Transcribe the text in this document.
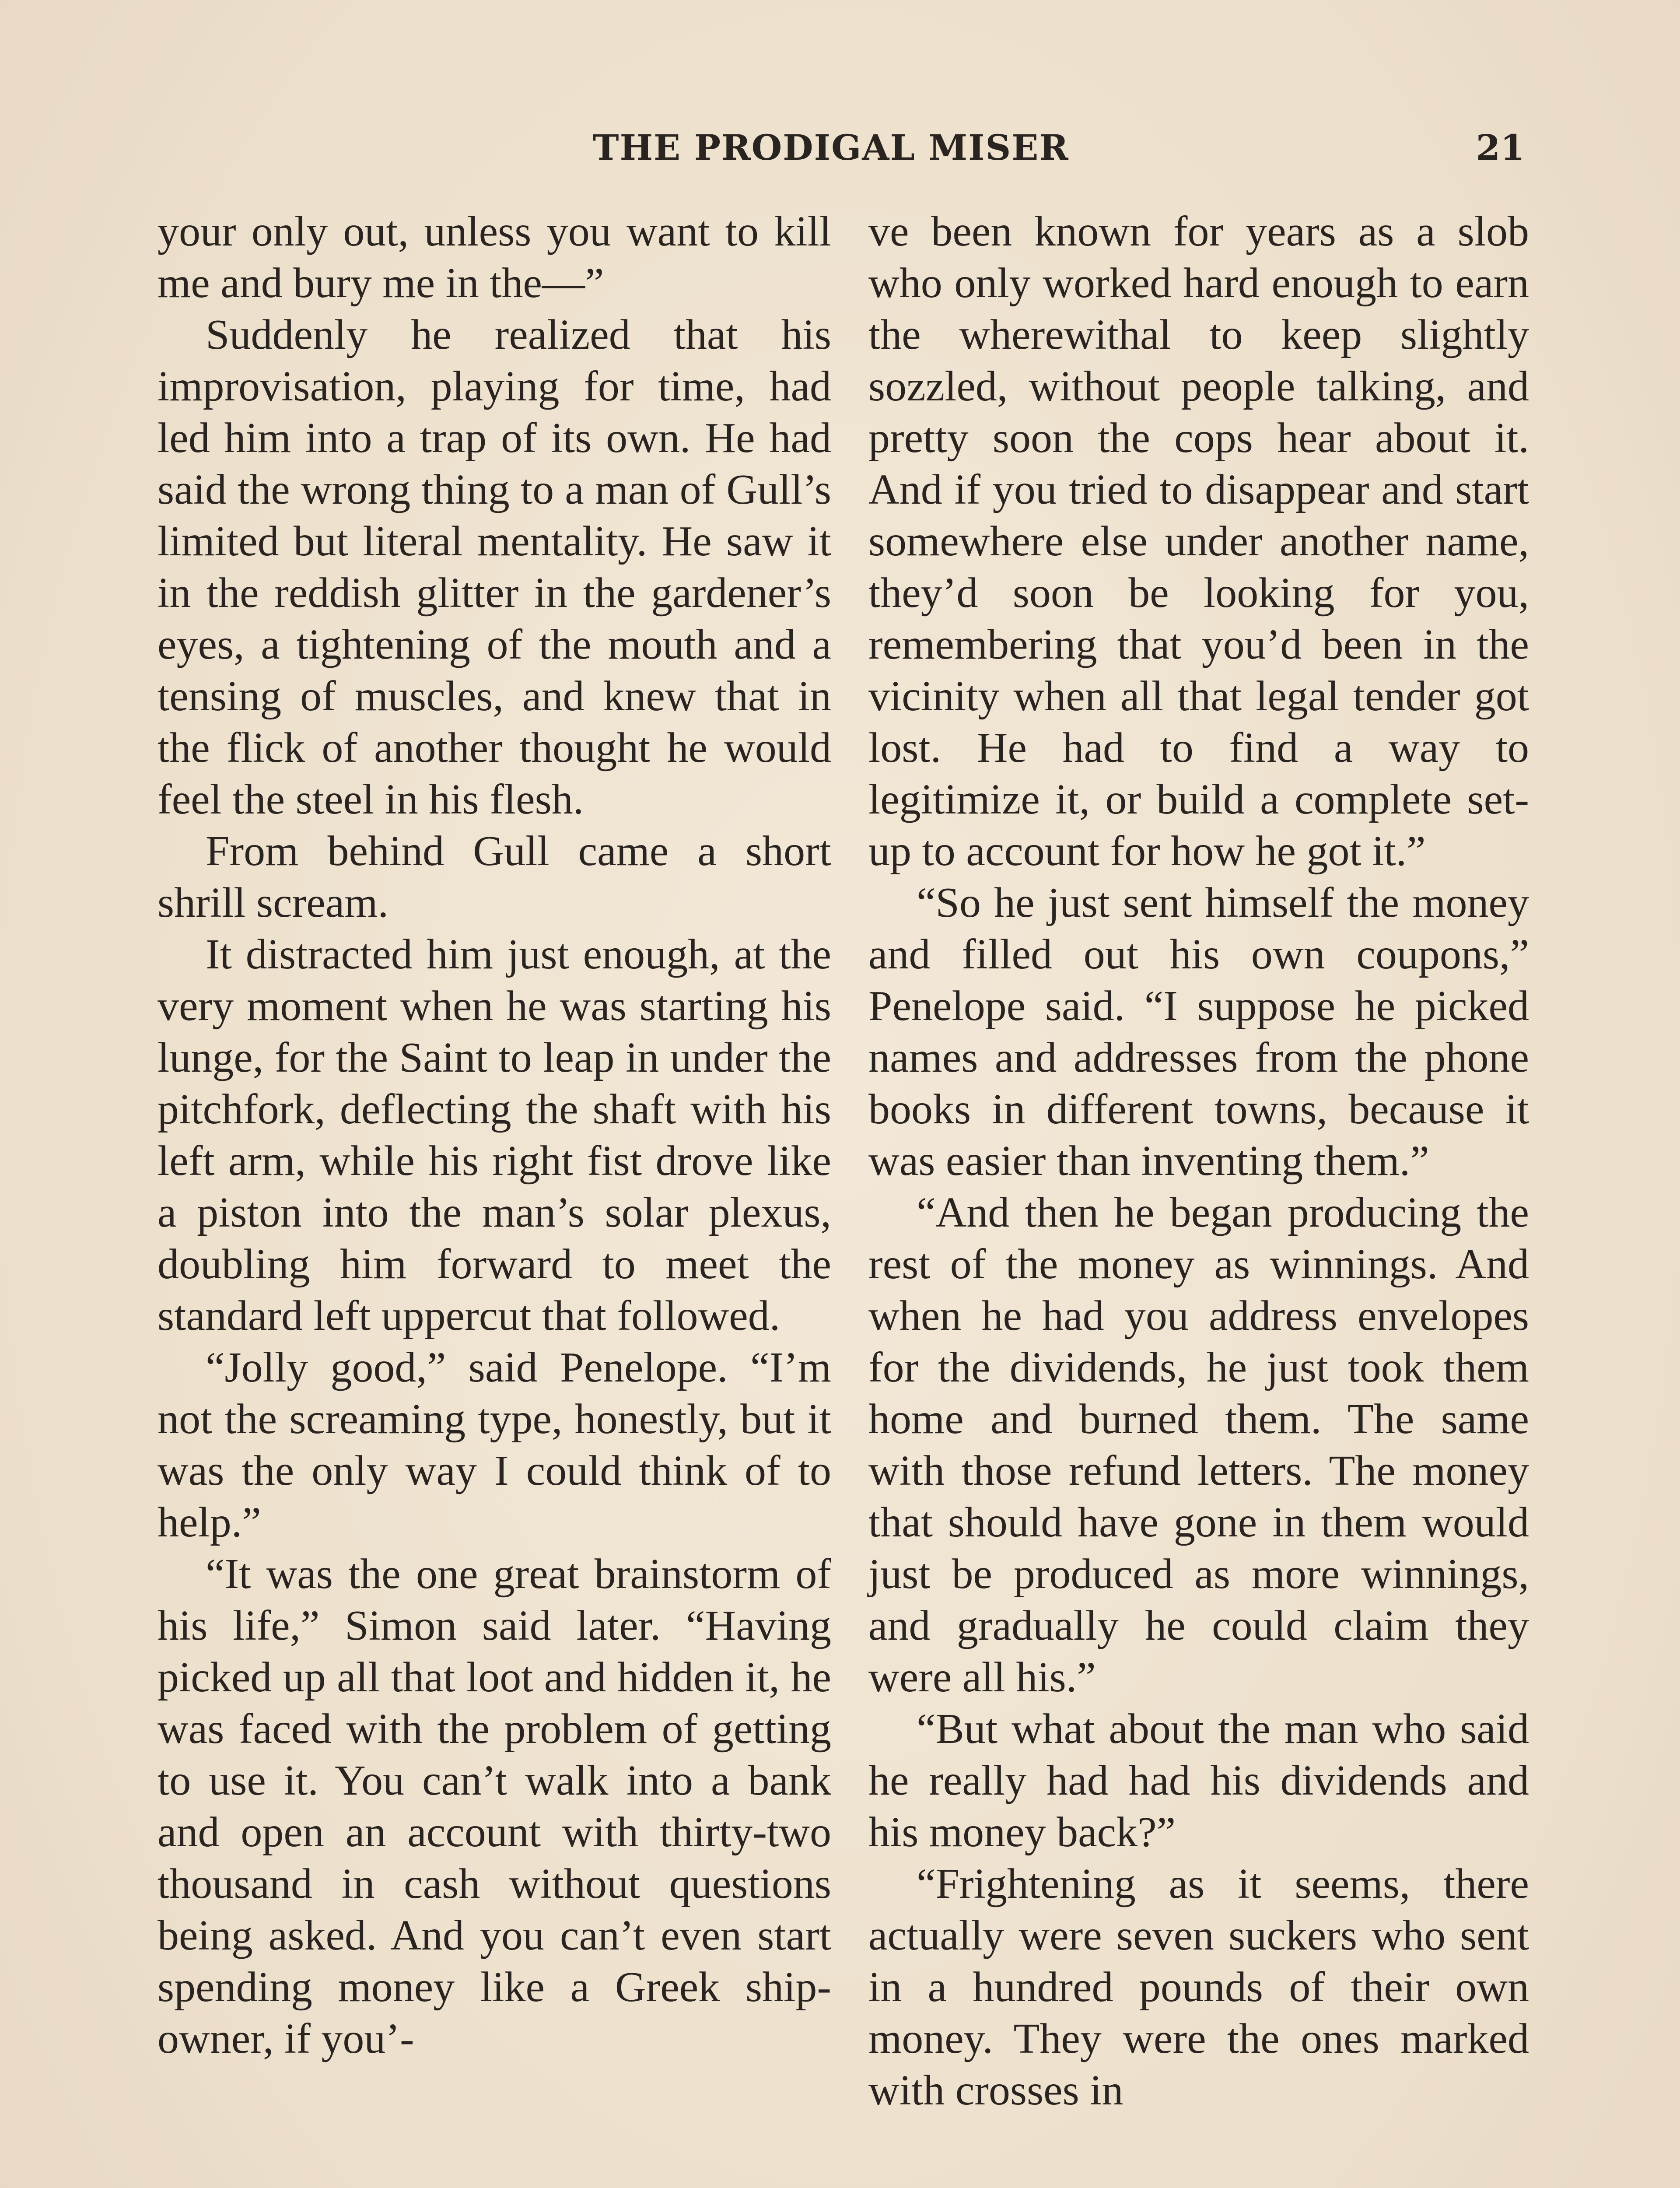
THE PRODIGAL MISER	21

your only out, unless you want to kill me and bury me in the—”

Suddenly he realized that his improvisation, playing for time, had led him into a trap of its own. He had said the wrong thing to a man of Gull’s limited but literal mentality. He saw it in the reddish glitter in the gardener’s eyes, a tightening of the mouth and a tensing of muscles, and knew that in the flick of another thought he would feel the steel in his flesh.

From behind Gull came a short shrill scream.

It distracted him just enough, at the very moment when he was starting his lunge, for the Saint to leap in under the pitchfork, deflecting the shaft with his left arm, while his right fist drove like a piston into the man’s solar plexus, doubling him forward to meet the standard left uppercut that followed.

“Jolly good,” said Penelope. “I’m not the screaming type, honestly, but it was the only way I could think of to help.”

“It was the one great brainstorm of his life,” Simon said later. “Having picked up all that loot and hidden it, he was faced with the problem of getting to use it. You can’t walk into a bank and open an account with thirty-two thousand in cash without questions being asked. And you can’t even start spending money like a Greek ship-owner, if you’-

ve been known for years as a slob who only worked hard enough to earn the wherewithal to keep slightly sozzled, without people talking, and pretty soon the cops hear about it. And if you tried to disappear and start somewhere else under another name, they’d soon be looking for you, remembering that you’d been in the vicinity when all that legal tender got lost. He had to find a way to legitimize it, or build a complete set-up to account for how he got it.”

“So he just sent himself the money and filled out his own coupons,” Penelope said. “I suppose he picked names and addresses from the phone books in different towns, because it was easier than inventing them.”

“And then he began producing the rest of the money as winnings. And when he had you address envelopes for the dividends, he just took them home and burned them. The same with those refund letters. The money that should have gone in them would just be produced as more winnings, and gradually he could claim they were all his.”

“But what about the man who said he really had had his dividends and his money back?”

“Frightening as it seems, there actually were seven suckers who sent in a hundred pounds of their own money. They were the ones marked with crosses in
